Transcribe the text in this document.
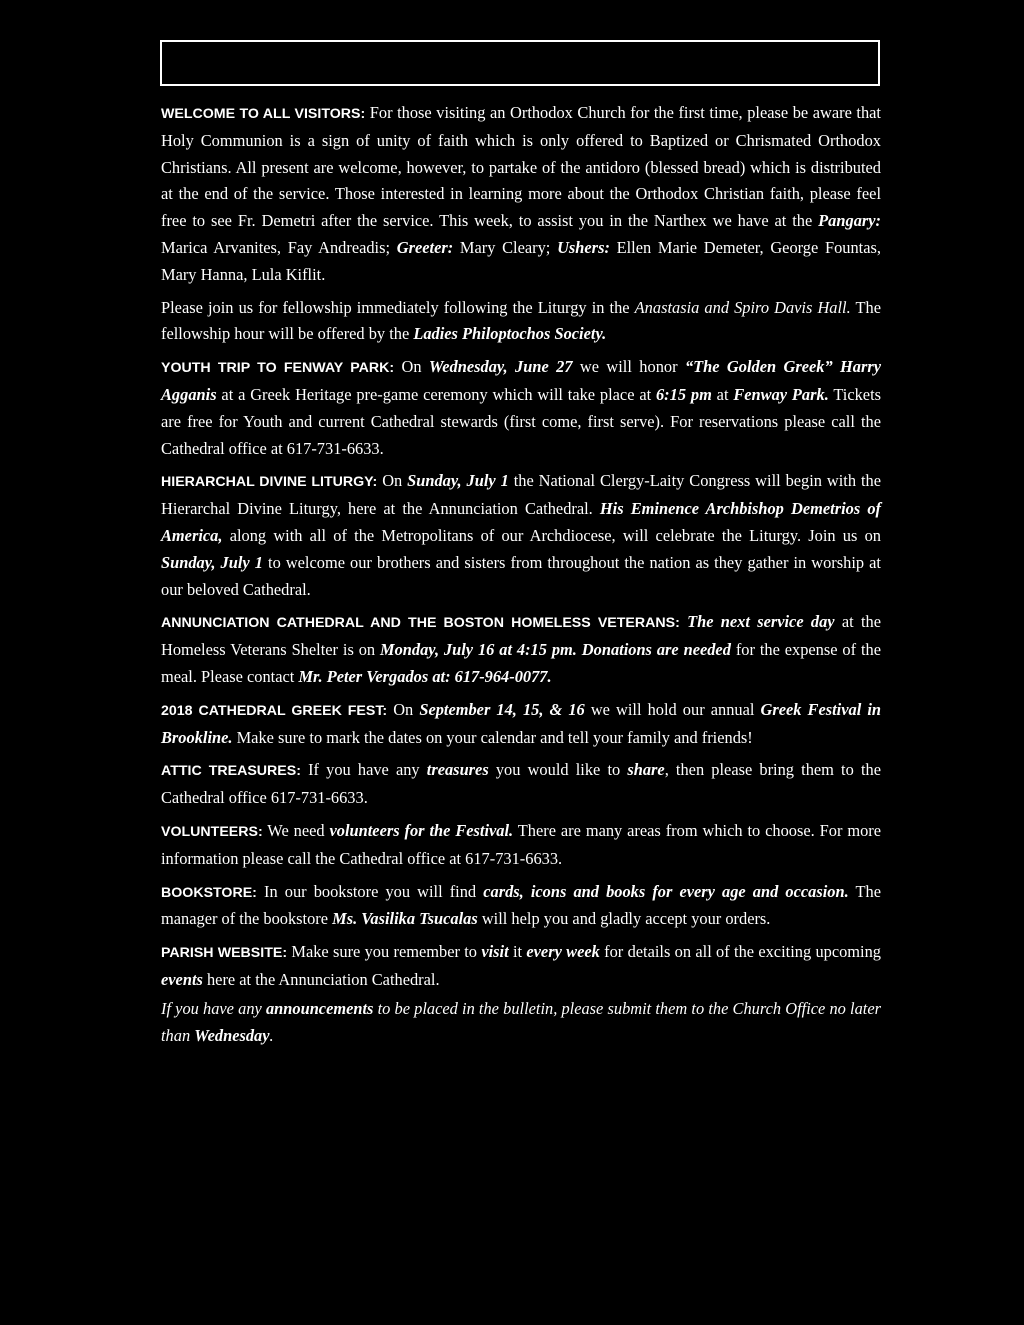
WELCOME TO ALL VISITORS: For those visiting an Orthodox Church for the first time, please be aware that Holy Communion is a sign of unity of faith which is only offered to Baptized or Chrismated Orthodox Christians. All present are welcome, however, to partake of the antidoro (blessed bread) which is distributed at the end of the service. Those interested in learning more about the Orthodox Christian faith, please feel free to see Fr. Demetri after the service. This week, to assist you in the Narthex we have at the Pangary: Marica Arvanites, Fay Andreadis; Greeter: Mary Cleary; Ushers: Ellen Marie Demeter, George Fountas, Mary Hanna, Lula Kiflit.

Please join us for fellowship immediately following the Liturgy in the Anastasia and Spiro Davis Hall. The fellowship hour will be offered by the Ladies Philoptochos Society.

YOUTH TRIP TO FENWAY PARK: On Wednesday, June 27 we will honor “The Golden Greek” Harry Agganis at a Greek Heritage pre-game ceremony which will take place at 6:15 pm at Fenway Park. Tickets are free for Youth and current Cathedral stewards (first come, first serve). For reservations please call the Cathedral office at 617-731-6633.

HIERARCHAL DIVINE LITURGY: On Sunday, July 1 the National Clergy-Laity Congress will begin with the Hierarchal Divine Liturgy, here at the Annunciation Cathedral. His Eminence Archbishop Demetrios of America, along with all of the Metropolitans of our Archdiocese, will celebrate the Liturgy. Join us on Sunday, July 1 to welcome our brothers and sisters from throughout the nation as they gather in worship at our beloved Cathedral.

ANNUNCIATION CATHEDRAL AND THE BOSTON HOMELESS VETERANS: The next service day at the Homeless Veterans Shelter is on Monday, July 16 at 4:15 pm. Donations are needed for the expense of the meal. Please contact Mr. Peter Vergados at: 617-964-0077.

2018 CATHEDRAL GREEK FEST: On September 14, 15, & 16 we will hold our annual Greek Festival in Brookline. Make sure to mark the dates on your calendar and tell your family and friends!

ATTIC TREASURES: If you have any treasures you would like to share, then please bring them to the Cathedral office 617-731-6633.

VOLUNTEERS: We need volunteers for the Festival. There are many areas from which to choose. For more information please call the Cathedral office at 617-731-6633.

BOOKSTORE: In our bookstore you will find cards, icons and books for every age and occasion. The manager of the bookstore Ms. Vasilika Tsucalas will help you and gladly accept your orders.

PARISH WEBSITE: Make sure you remember to visit it every week for details on all of the exciting upcoming events here at the Annunciation Cathedral.

If you have any announcements to be placed in the bulletin, please submit them to the Church Office no later than Wednesday.
